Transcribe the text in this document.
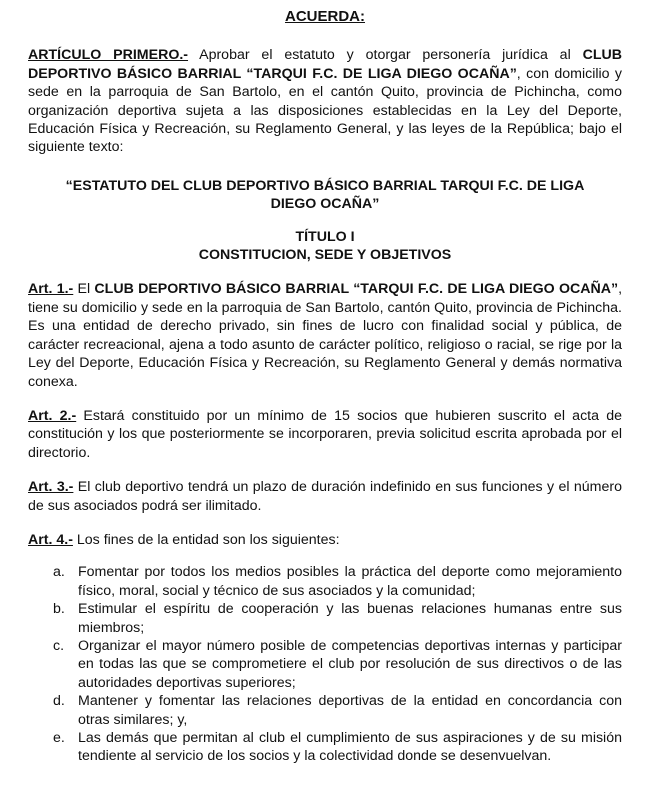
ACUERDA:

ARTÍCULO PRIMERO.- Aprobar el estatuto y otorgar personería jurídica al CLUB DEPORTIVO BÁSICO BARRIAL “TARQUI F.C. DE LIGA DIEGO OCAÑA”, con domicilio y sede en la parroquia de San Bartolo, en el cantón Quito, provincia de Pichincha, como organización deportiva sujeta a las disposiciones establecidas en la Ley del Deporte, Educación Física y Recreación, su Reglamento General, y las leyes de la República; bajo el siguiente texto:

“ESTATUTO DEL CLUB DEPORTIVO BÁSICO BARRIAL TARQUI F.C. DE LIGA DIEGO OCAÑA”

TÍTULO I

CONSTITUCION, SEDE Y OBJETIVOS

Art. 1.- El CLUB DEPORTIVO BÁSICO BARRIAL “TARQUI F.C. DE LIGA DIEGO OCAÑA”, tiene su domicilio y sede en la parroquia de San Bartolo, cantón Quito, provincia de Pichincha. Es una entidad de derecho privado, sin fines de lucro con finalidad social y pública, de carácter recreacional, ajena a todo asunto de carácter político, religioso o racial, se rige por la Ley del Deporte, Educación Física y Recreación, su Reglamento General y demás normativa conexa.

Art. 2.- Estará constituido por un mínimo de 15 socios que hubieren suscrito el acta de constitución y los que posteriormente se incorporaren, previa solicitud escrita aprobada por el directorio.

Art. 3.- El club deportivo tendrá un plazo de duración indefinido en sus funciones y el número de sus asociados podrá ser ilimitado.

Art. 4.- Los fines de la entidad son los siguientes:

a. Fomentar por todos los medios posibles la práctica del deporte como mejoramiento físico, moral, social y técnico de sus asociados y la comunidad;
b. Estimular el espíritu de cooperación y las buenas relaciones humanas entre sus miembros;
c. Organizar el mayor número posible de competencias deportivas internas y participar en todas las que se comprometiere el club por resolución de sus directivos o de las autoridades deportivas superiores;
d. Mantener y fomentar las relaciones deportivas de la entidad en concordancia con otras similares; y,
e. Las demás que permitan al club el cumplimiento de sus aspiraciones y de su misión tendiente al servicio de los socios y la colectividad donde se desenvuelvan.
